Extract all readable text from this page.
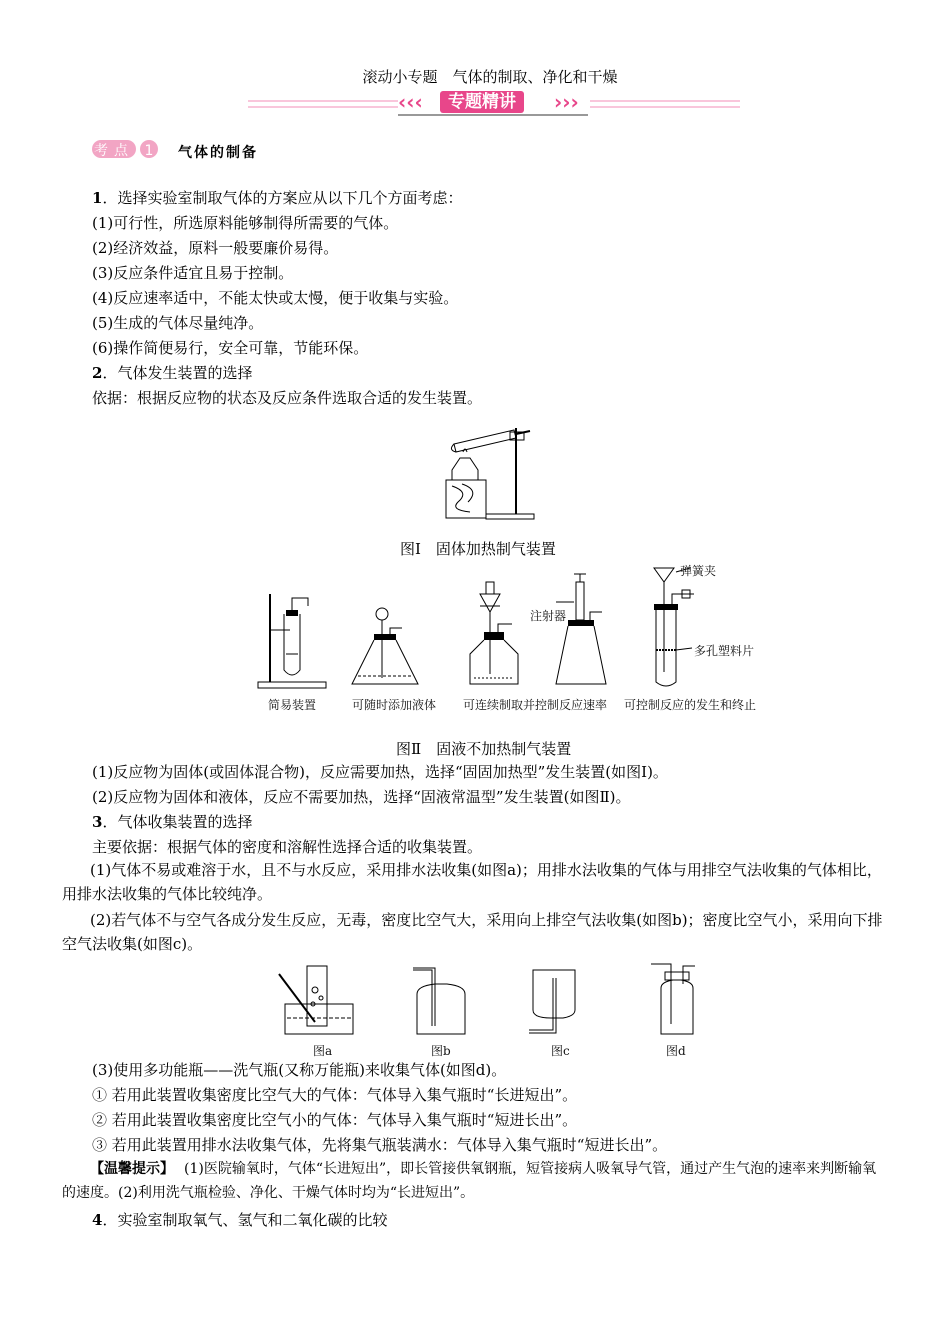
滚动小专题　气体的制取、净化和干燥
‹‹‹	专题精讲	›››
考点 1 气体的制备
1．选择实验室制取气体的方案应从以下几个方面考虑：
(1)可行性，所选原料能够制得所需要的气体。
(2)经济效益，原料一般要廉价易得。
(3)反应条件适宜且易于控制。
(4)反应速率适中，不能太快或太慢，便于收集与实验。
(5)生成的气体尽量纯净。
(6)操作简便易行，安全可靠，节能环保。
2．气体发生装置的选择
依据：根据反应物的状态及反应条件选取合适的发生装置。
图Ⅰ　固体加热制气装置
简易装置	可随时添加液体 可连续制取并控制反应速率 可控制反应的发生和终止
注射器
弹簧夹
多孔塑料片
图Ⅱ　固液不加热制气装置
(1)反应物为固体(或固体混合物)，反应需要加热，选择“固固加热型”发生装置(如图Ⅰ)。
(2)反应物为固体和液体，反应不需要加热，选择“固液常温型”发生装置(如图Ⅱ)。
3．气体收集装置的选择
主要依据：根据气体的密度和溶解性选择合适的收集装置。
(1)气体不易或难溶于水，且不与水反应，采用排水法收集(如图a)；用排水法收集的气体与用排空气法收集的气体相比，用排水法收集的气体比较纯净。
(2)若气体不与空气各成分发生反应，无毒，密度比空气大，采用向上排空气法收集(如图b)；密度比空气小，采用向下排空气法收集(如图c)。
图a	图b	图c	图d
(3)使用多功能瓶——洗气瓶(又称万能瓶)来收集气体(如图d)。
① 若用此装置收集密度比空气大的气体：气体导入集气瓶时“长进短出”。
② 若用此装置收集密度比空气小的气体：气体导入集气瓶时“短进长出”。
③ 若用此装置用排水法收集气体，先将集气瓶装满水：气体导入集气瓶时“短进长出”。
【温馨提示】 (1)医院输氧时，气体“长进短出”，即长管接供氧钢瓶，短管接病人吸氧导气管，通过产生气泡的速率来判断输氧的速度。(2)利用洗气瓶检验、净化、干燥气体时均为“长进短出”。
4．实验室制取氧气、氢气和二氧化碳的比较
